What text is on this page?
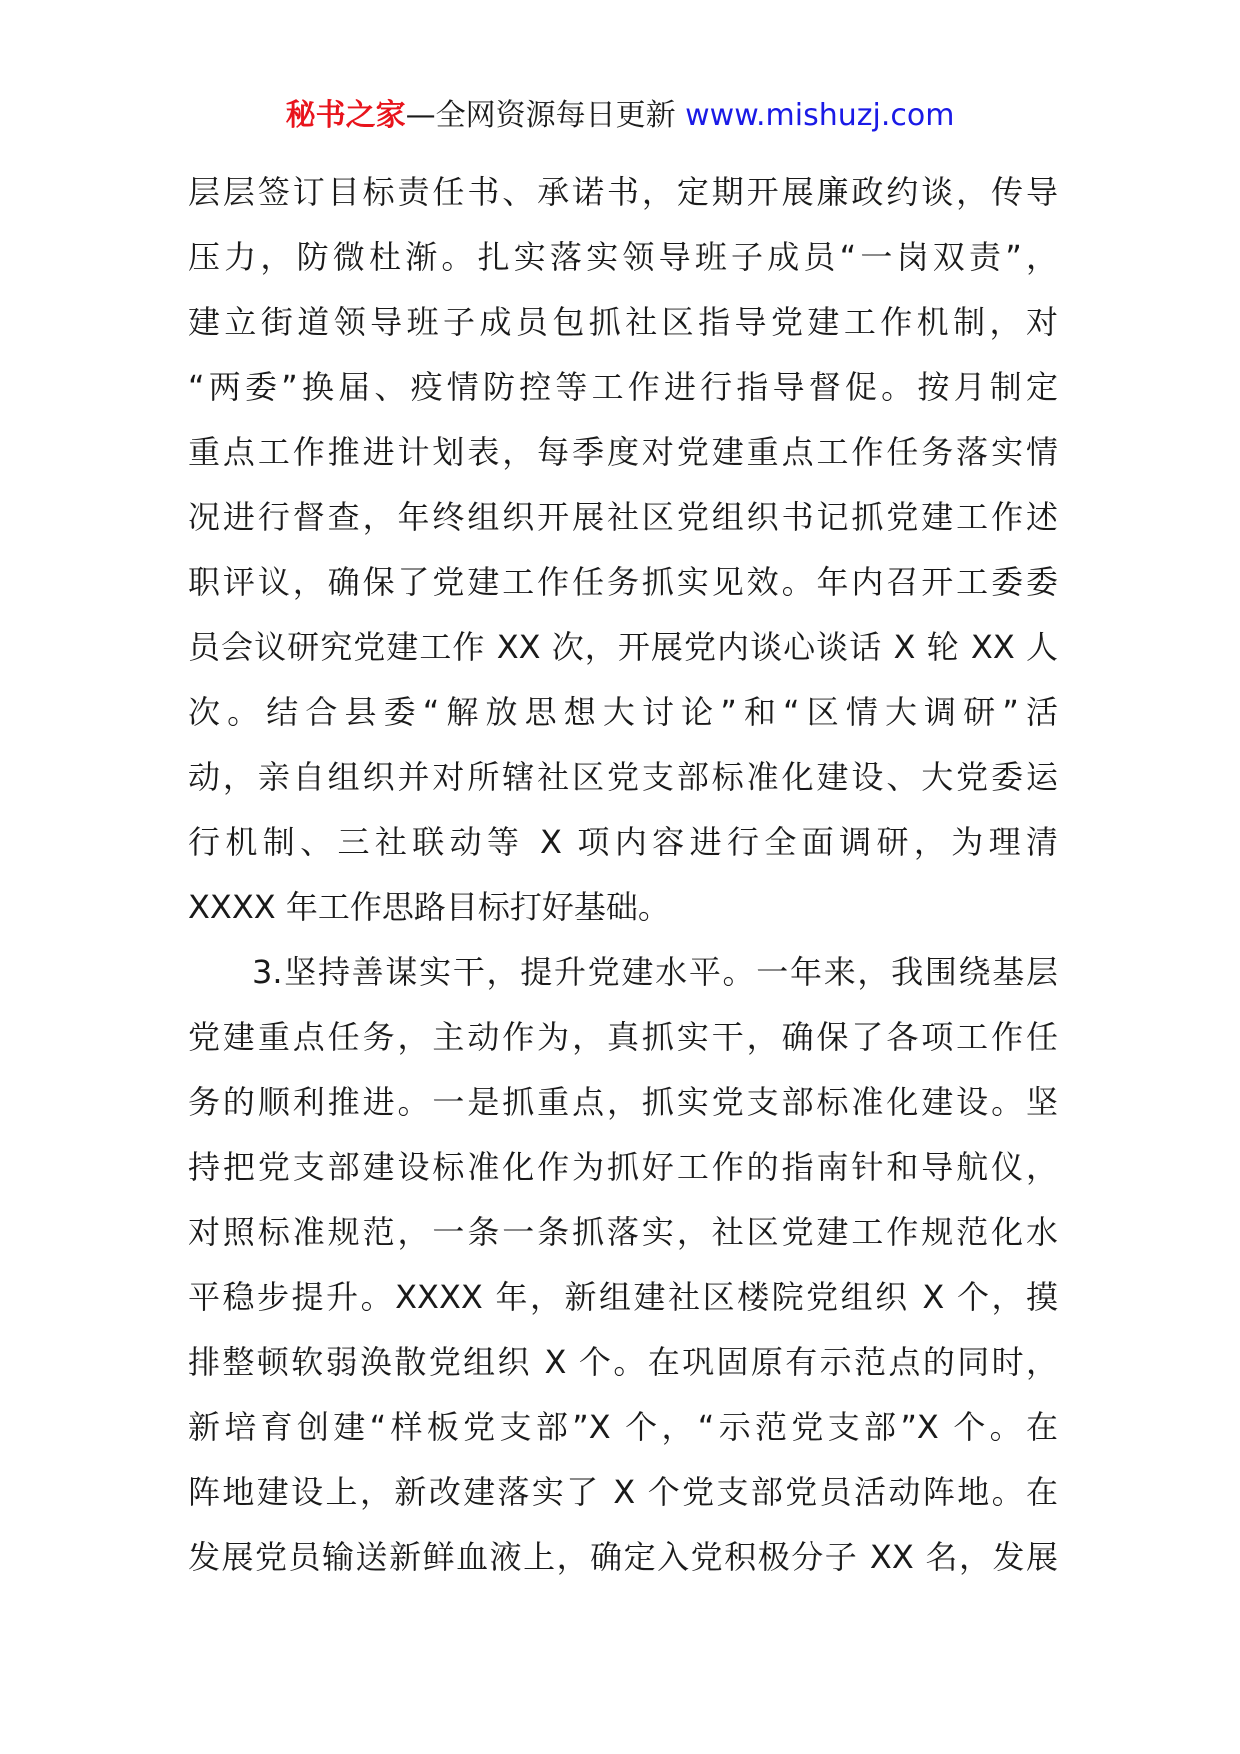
秘书之家—全网资源每日更新 www.mishuzj.com
层层签订目标责任书、承诺书，定期开展廉政约谈，传导
压力，防微杜渐。扎实落实领导班子成员“一岗双责”，
建立街道领导班子成员包抓社区指导党建工作机制，对
“两委”换届、疫情防控等工作进行指导督促。按月制定
重点工作推进计划表，每季度对党建重点工作任务落实情
况进行督查，年终组织开展社区党组织书记抓党建工作述
职评议，确保了党建工作任务抓实见效。年内召开工委委
员会议研究党建工作 XX 次，开展党内谈心谈话 X 轮 XX 人
次。结合县委“解放思想大讨论”和“区情大调研”活
动，亲自组织并对所辖社区党支部标准化建设、大党委运
行机制、三社联动等 X 项内容进行全面调研，为理清
XXXX 年工作思路目标打好基础。
3.坚持善谋实干，提升党建水平。一年来，我围绕基层
党建重点任务，主动作为，真抓实干，确保了各项工作任
务的顺利推进。一是抓重点，抓实党支部标准化建设。坚
持把党支部建设标准化作为抓好工作的指南针和导航仪，
对照标准规范，一条一条抓落实，社区党建工作规范化水
平稳步提升。XXXX 年，新组建社区楼院党组织 X 个，摸
排整顿软弱涣散党组织 X 个。在巩固原有示范点的同时，
新培育创建“样板党支部”X 个，“示范党支部”X 个。在
阵地建设上，新改建落实了 X 个党支部党员活动阵地。在
发展党员输送新鲜血液上，确定入党积极分子 XX 名，发展
